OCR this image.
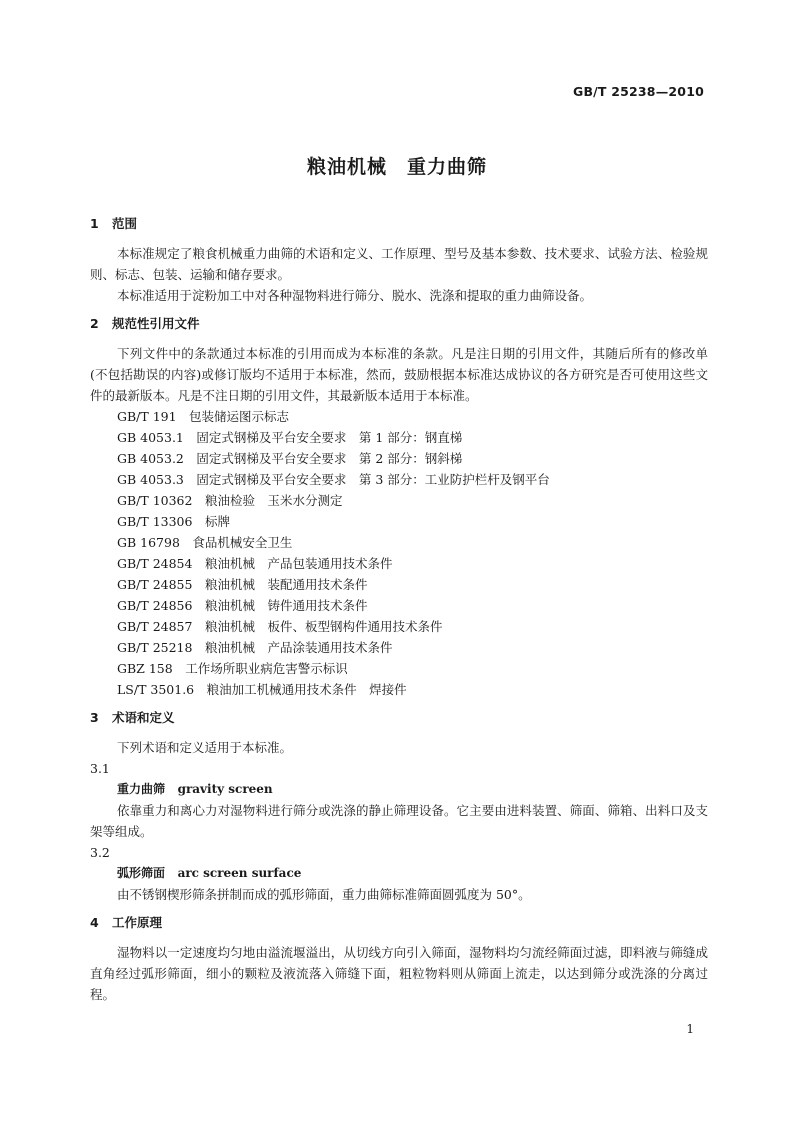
GB/T 25238—2010
粮油机械　重力曲筛
1 范围

本标准规定了粮食机械重力曲筛的术语和定义、工作原理、型号及基本参数、技术要求、试验方法、检验规则、标志、包装、运输和储存要求。

本标准适用于淀粉加工中对各种湿物料进行筛分、脱水、洗涤和提取的重力曲筛设备。

2 规范性引用文件

下列文件中的条款通过本标准的引用而成为本标准的条款。凡是注日期的引用文件，其随后所有的修改单(不包括勘误的内容)或修订版均不适用于本标准，然而，鼓励根据本标准达成协议的各方研究是否可使用这些文件的最新版本。凡是不注日期的引用文件，其最新版本适用于本标准。

GB/T 191　包装储运图示标志
GB 4053.1　固定式钢梯及平台安全要求　第 1 部分：钢直梯
GB 4053.2　固定式钢梯及平台安全要求　第 2 部分：钢斜梯
GB 4053.3　固定式钢梯及平台安全要求　第 3 部分：工业防护栏杆及钢平台
GB/T 10362　粮油检验　玉米水分测定
GB/T 13306　标牌
GB 16798　食品机械安全卫生
GB/T 24854　粮油机械　产品包装通用技术条件
GB/T 24855　粮油机械　装配通用技术条件
GB/T 24856　粮油机械　铸件通用技术条件
GB/T 24857　粮油机械　板件、板型钢构件通用技术条件
GB/T 25218　粮油机械　产品涂装通用技术条件
GBZ 158　工作场所职业病危害警示标识
LS/T 3501.6　粮油加工机械通用技术条件　焊接件
3 术语和定义

下列术语和定义适用于本标准。

3.1

重力曲筛 gravity screen

依靠重力和离心力对湿物料进行筛分或洗涤的静止筛理设备。它主要由进料装置、筛面、筛箱、出料口及支架等组成。

3.2

弧形筛面 arc screen surface

由不锈钢楔形筛条拼制而成的弧形筛面，重力曲筛标准筛面圆弧度为 50°。

4 工作原理

湿物料以一定速度均匀地由溢流堰溢出，从切线方向引入筛面，湿物料均匀流经筛面过滤，即料液与筛缝成直角经过弧形筛面，细小的颗粒及液流落入筛缝下面，粗粒物料则从筛面上流走，以达到筛分或洗涤的分离过程。

1
